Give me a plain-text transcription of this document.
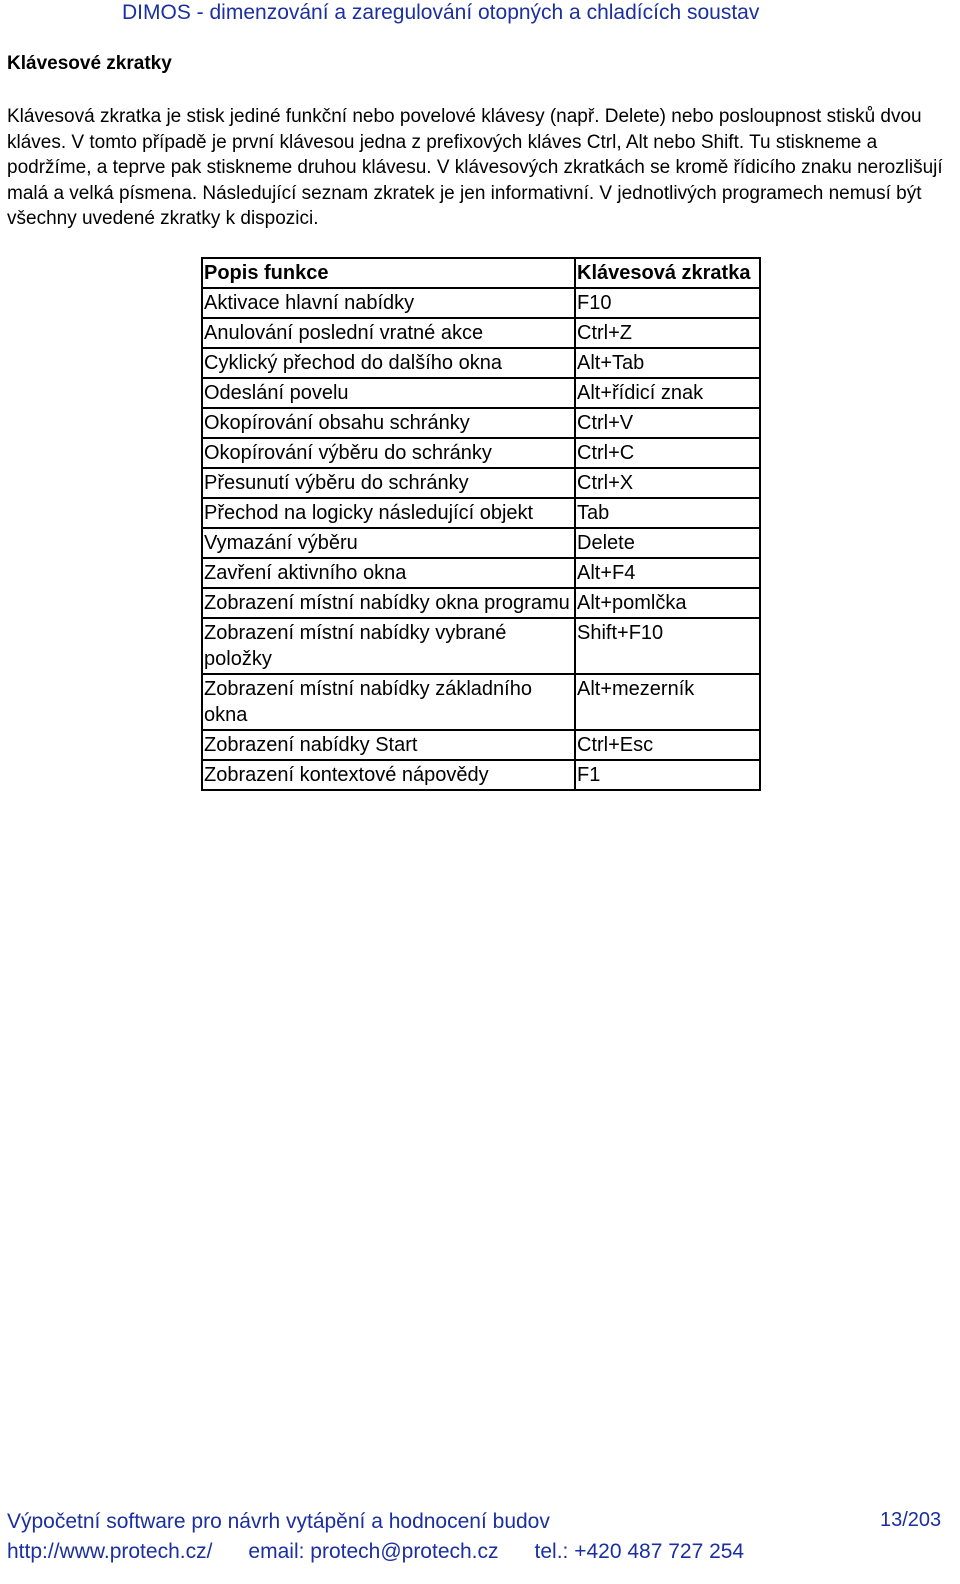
DIMOS - dimenzování a zaregulování otopných a chladících soustav
Klávesové zkratky

Klávesová zkratka je stisk jediné funkční nebo povelové klávesy (např. Delete) nebo posloupnost stisků dvou kláves. V tomto případě je první klávesou jedna z prefixových kláves Ctrl, Alt nebo Shift. Tu stiskneme a podržíme, a teprve pak stiskneme druhou klávesu. V klávesových zkratkách se kromě řídicího znaku nerozlišují malá a velká písmena. Následující seznam zkratek je jen informativní. V jednotlivých programech nemusí být všechny uvedené zkratky k dispozici.

Popis funkce	Klávesová zkratka
Aktivace hlavní nabídky	F10
Anulování poslední vratné akce	Ctrl+Z
Cyklický přechod do dalšího okna	Alt+Tab
Odeslání povelu	Alt+řídicí znak
Okopírování obsahu schránky	Ctrl+V
Okopírování výběru do schránky	Ctrl+C
Přesunutí výběru do schránky	Ctrl+X
Přechod na logicky následující objekt	Tab
Vymazání výběru	Delete
Zavření aktivního okna	Alt+F4
Zobrazení místní nabídky okna programu	Alt+pomlčka
Zobrazení místní nabídky vybrané položky	Shift+F10
Zobrazení místní nabídky základního okna	Alt+mezerník
Zobrazení nabídky Start	Ctrl+Esc
Zobrazení kontextové nápovědy	F1
Výpočetní software pro návrh vytápění a hodnocení budov	13/203
http://www.protech.cz/ email: protech@protech.cz tel.: +420 487 727 254
